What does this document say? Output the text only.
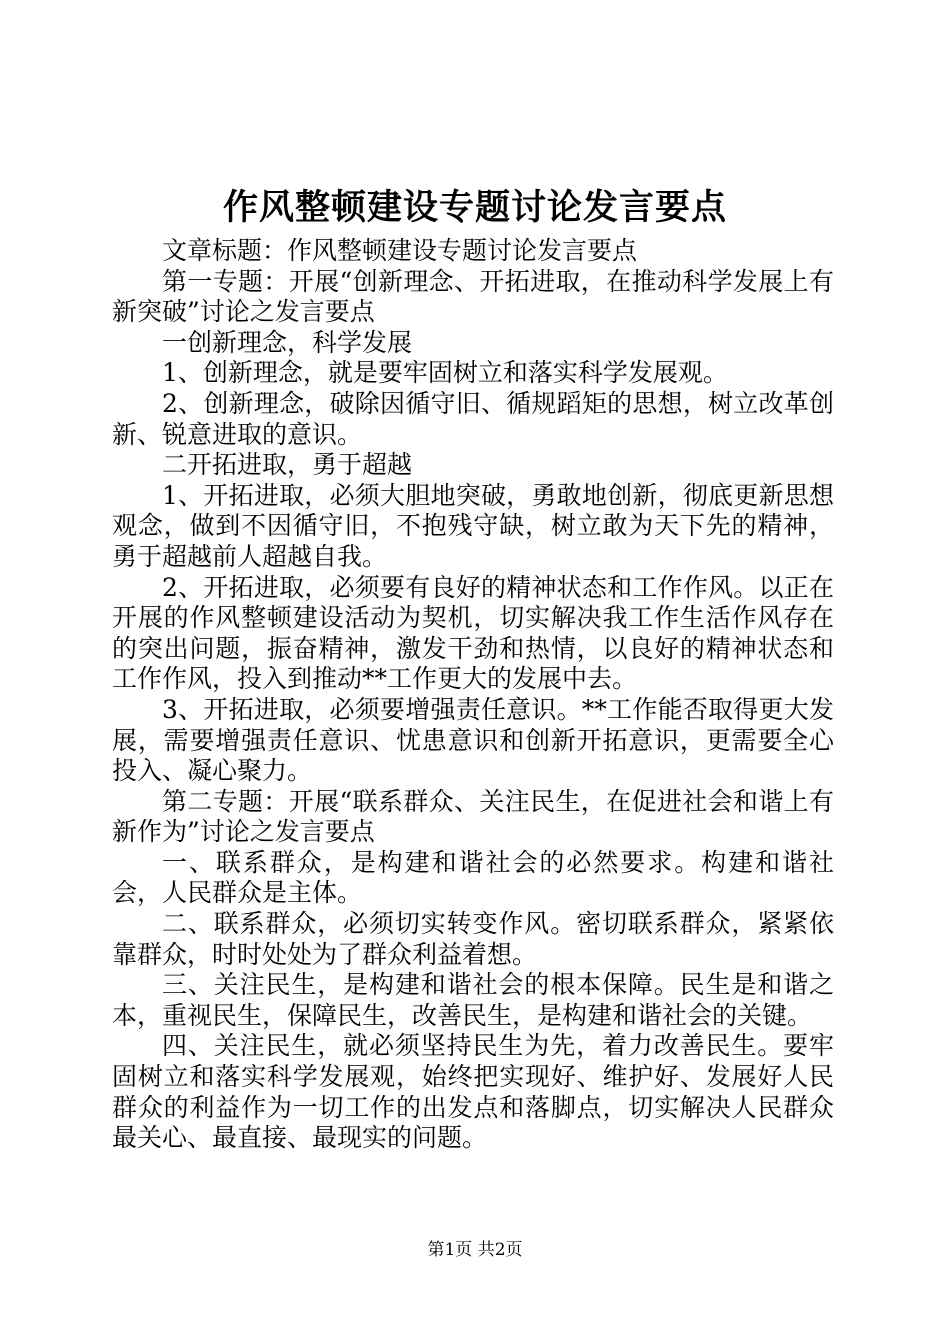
作风整顿建设专题讨论发言要点

文章标题：作风整顿建设专题讨论发言要点

第一专题：开展“创新理念、开拓进取，在推动科学发展上有新突破”讨论之发言要点

一创新理念，科学发展

1、创新理念，就是要牢固树立和落实科学发展观。

2、创新理念，破除因循守旧、循规蹈矩的思想，树立改革创新、锐意进取的意识。

二开拓进取，勇于超越

1、开拓进取，必须大胆地突破，勇敢地创新，彻底更新思想观念，做到不因循守旧，不抱残守缺，树立敢为天下先的精神，勇于超越前人超越自我。

2、开拓进取，必须要有良好的精神状态和工作作风。以正在开展的作风整顿建设活动为契机，切实解决我工作生活作风存在的突出问题，振奋精神，激发干劲和热情，以良好的精神状态和工作作风，投入到推动**工作更大的发展中去。

3、开拓进取，必须要增强责任意识。**工作能否取得更大发展，需要增强责任意识、忧患意识和创新开拓意识，更需要全心投入、凝心聚力。

第二专题：开展“联系群众、关注民生，在促进社会和谐上有新作为”讨论之发言要点

一、联系群众，是构建和谐社会的必然要求。构建和谐社会，人民群众是主体。

二、联系群众，必须切实转变作风。密切联系群众，紧紧依靠群众，时时处处为了群众利益着想。

三、关注民生，是构建和谐社会的根本保障。民生是和谐之本，重视民生，保障民生，改善民生，是构建和谐社会的关键。

四、关注民生，就必须坚持民生为先，着力改善民生。要牢固树立和落实科学发展观，始终把实现好、维护好、发展好人民群众的利益作为一切工作的出发点和落脚点，切实解决人民群众最关心、最直接、最现实的问题。

第1页 共2页
